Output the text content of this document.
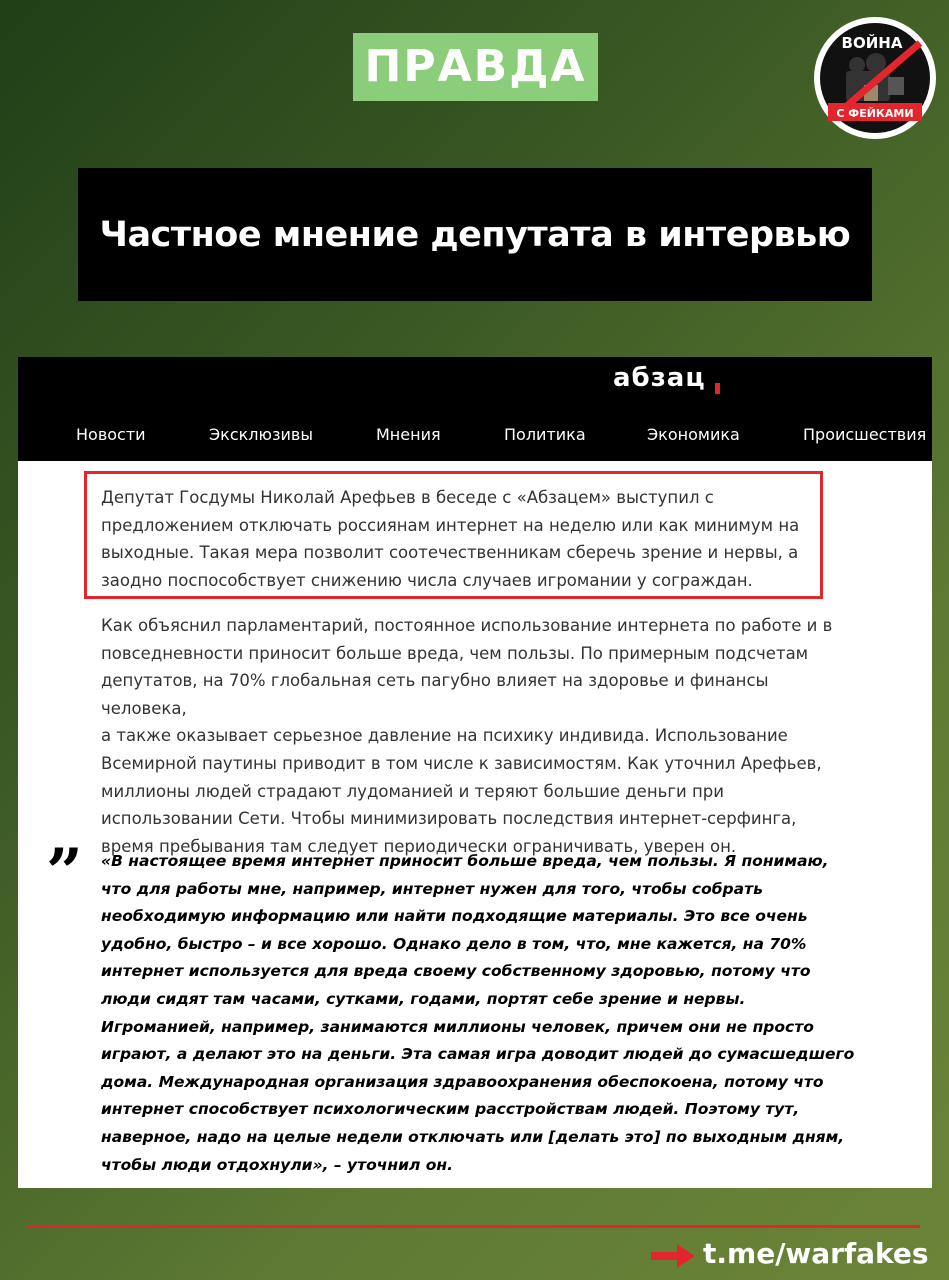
ПРАВДА	ВОЙНА
С ФЕЙКАМИ
Частное мнение депутата в интервью
абзац
Новости	Эксклюзивы	Мнения	Политика	Экономика	Происшествия
Депутат Госдумы Николай Арефьев в беседе с «Абзацем» выступил с
предложением отключать россиянам интернет на неделю или как минимум на
выходные. Такая мера позволит соотечественникам сберечь зрение и нервы, а
заодно поспособствует снижению числа случаев игромании у сограждан.
Как объяснил парламентарий, постоянное использование интернета по работе и в
повседневности приносит больше вреда, чем пользы. По примерным подсчетам
депутатов, на 70% глобальная сеть пагубно влияет на здоровье и финансы человека,
а также оказывает серьезное давление на психику индивида. Использование
Всемирной паутины приводит в том числе к зависимостям. Как уточнил Арефьев,
миллионы людей страдают лудоманией и теряют большие деньги при
использовании Сети. Чтобы минимизировать последствия интернет-серфинга,
время пребывания там следует периодически ограничивать, уверен он.
” «В настоящее время интернет приносит больше вреда, чем пользы. Я понимаю,
что для работы мне, например, интернет нужен для того, чтобы собрать
необходимую информацию или найти подходящие материалы. Это все очень
удобно, быстро – и все хорошо. Однако дело в том, что, мне кажется, на 70%
интернет используется для вреда своему собственному здоровью, потому что
люди сидят там часами, сутками, годами, портят себе зрение и нервы.
Игроманией, например, занимаются миллионы человек, причем они не просто
играют, а делают это на деньги. Эта самая игра доводит людей до сумасшедшего
дома. Международная организация здравоохранения обеспокоена, потому что
интернет способствует психологическим расстройствам людей. Поэтому тут,
наверное, надо на целые недели отключать или [делать это] по выходным дням,
чтобы люди отдохнули», – уточнил он.
t.me/warfakes
